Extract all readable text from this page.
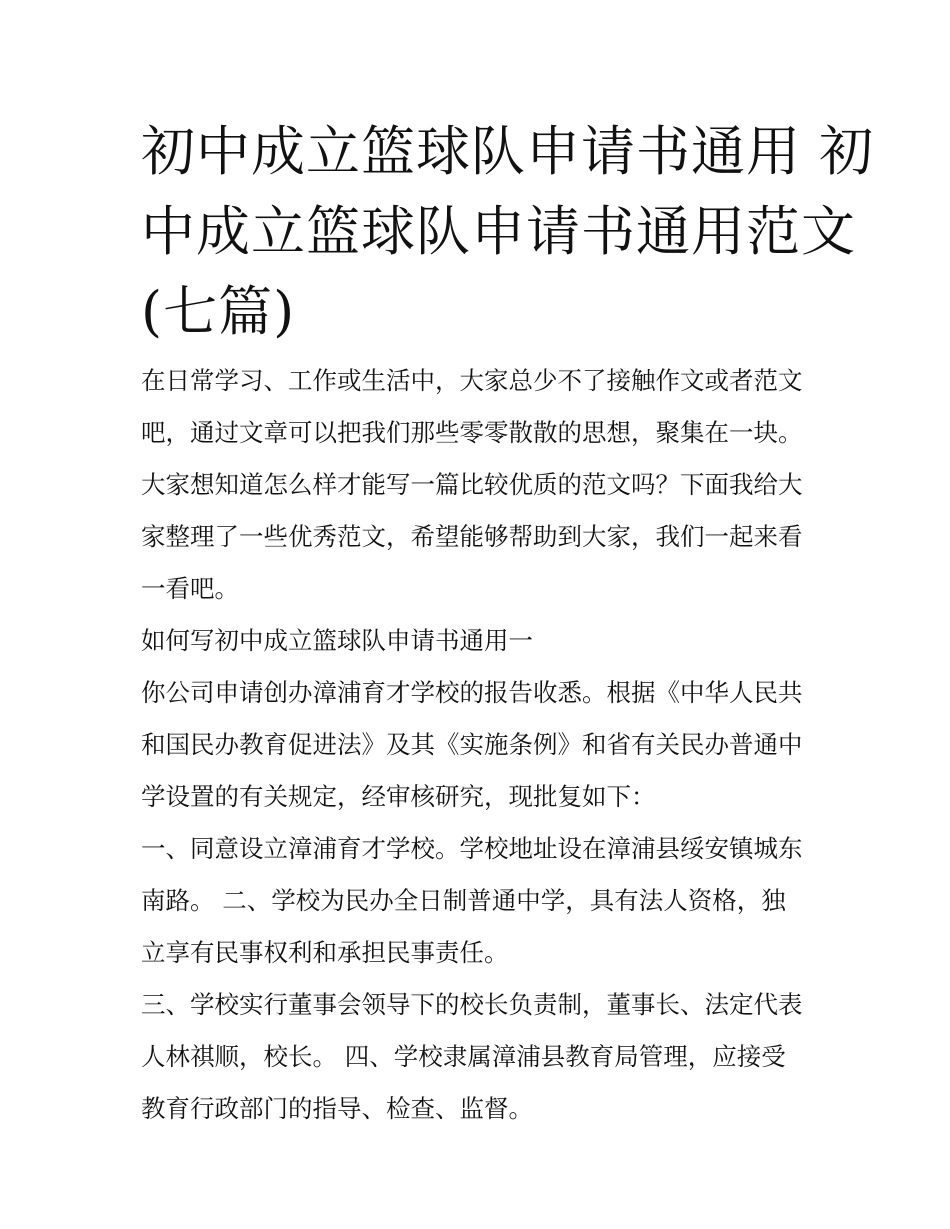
初中成立篮球队申请书通用 初
中成立篮球队申请书通用范文
(七篇)
在日常学习、工作或生活中，大家总少不了接触作文或者范文
吧，通过文章可以把我们那些零零散散的思想，聚集在一块。
大家想知道怎么样才能写一篇比较优质的范文吗？下面我给大
家整理了一些优秀范文，希望能够帮助到大家，我们一起来看
一看吧。
如何写初中成立篮球队申请书通用一
你公司申请创办漳浦育才学校的报告收悉。根据《中华人民共
和国民办教育促进法》及其《实施条例》和省有关民办普通中
学设置的有关规定，经审核研究，现批复如下：
一、同意设立漳浦育才学校。学校地址设在漳浦县绥安镇城东
南路。 二、学校为民办全日制普通中学，具有法人资格，独
立享有民事权利和承担民事责任。
三、学校实行董事会领导下的校长负责制，董事长、法定代表
人林祺顺，校长。 四、学校隶属漳浦县教育局管理，应接受
教育行政部门的指导、检查、监督。
